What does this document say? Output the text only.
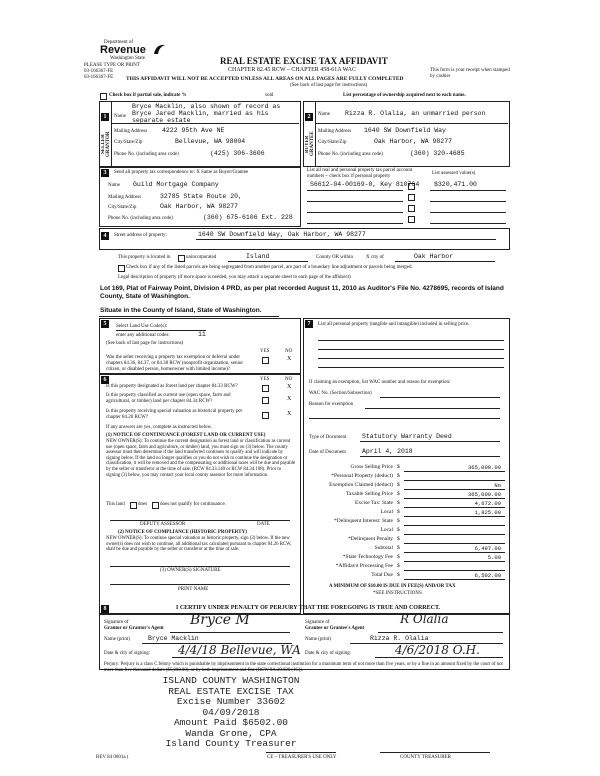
Department of
Revenue
Washington State
PLEASE TYPE OR PRINT
03-166367-FE
03-166367-FE
REAL ESTATE EXCISE TAX AFFIDAVIT
CHAPTER 82.45 RCW – CHAPTER 458-61A WAC
THIS AFFIDAVIT WILL NOT BE ACCEPTED UNLESS ALL AREAS ON ALL PAGES ARE FULLY COMPLETED
(See back of last page for instructions)
This form is your receipt when stamped by cashier
Check box if partial sale, indicate %	sold	List percentage of ownership acquired next to each name.
1
SELLER GRANTOR
Name
Bryce Macklin, also shown of record as Bryce Jared Macklin, married as his separate estate
Mailing Address 4222 95th Ave NE
City/State/Zip	Bellevue, WA 98004
Phone No. (including area code)	(425) 306-3606
2
BUYER GRANTEE
Name Rizza R. Olalia, an unmarried person
Mailing Address 1640 SW Downfield Way
City/State/Zip	Oak Harbor, WA 98277
Phone No. (including area code)	(360) 320-4685
3	Send all property tax correspondence to: X Same as Buyer/Grantee
Name Guild Mortgage Company
Mailing Address	32785 State Route 20,
City/State/Zip	Oak Harbor, WA 98277
Phone No. (including area code)	(360) 675-6106 Ext. 228
List all real and personal property tax parcel account numbers – check box if personal property
List assessed value(s)
S6612-04-00169-0, Key 810764 $320,471.00
4	Street address of property:	1640 SW Downfield Way, Oak Harbor, WA 98277
This property is located in	unincorporated	Island	County OR within	X city of	Oak Harbor
Check box if any of the listed parcels are being segregated from another parcel, are part of a boundary line adjustment or parcels being merged.
Legal description of property (if more space is needed, you may attach a separate sheet to each page of the affidavit)
Lot 169, Plat of Fairway Point, Division 4 PRD, as per plat recorded August 11, 2010 as Auditor's File No. 4278695, records of Island County, State of Washington.
Situate in the County of Island, State of Washington.
5	Select Land Use Code(s):
enter any additional codes:	11
(See back of last page for instructions)
YES	NO
Was the seller receiving a property tax exemption or deferral under chapters 84.36, 84.37, or 84.38 RCW (nonprofit organization, senior citizen, or disabled person, homeowner with limited income)?
X
6	YES	NO
Is this property designated as forest land per chapter 84.33 RCW?	X
Is this property classified as current use (open space, farm and agricultural, or timber) land per chapter 84.34 RCW?	X
Is this property receiving special valuation as historical property per chapter 84.26 RCW?
X
If any answers are yes, complete as instructed below.
(1) NOTICE OF CONTINUANCE (FOREST LAND OR CURRENT USE)
NEW OWNER(S): To continue the current designation as forest land or classification as current use (open space, farm and agriculture, or timber) land, you must sign on (3) below. The county assessor must then determine if the land transferred continues to qualify and will indicate by signing below. If the land no longer qualifies or you do not wish to continue the designation or classification, it will be removed and the compensating or additional taxes will be due and payable by the seller or transferor at the time of sale. (RCW 84.33.140 or RCW 84.34.108). Prior to signing (3) below, you may contact your local county assessor for more information.
This land	does	does not qualify for continuance.
DEPUTY ASSESSOR	DATE
(2) NOTICE OF COMPLIANCE (HISTORIC PROPERTY)
NEW OWNER(S): To continue special valuation as historic property, sign (3) below. If the new owner(s) does not wish to continue, all additional tax calculated pursuant to chapter 84.26 RCW, shall be due and payable by the seller or transferor at the time of sale.
(3) OWNER(S) SIGNATURE
PRINT NAME
7	List all personal property (tangible and intangible) included in selling price.
If claiming an exemption, list WAC number and reason for exemption:
WAC No. (Section/Subsection)
Reason for exemption
Type of Document Statutory Warranty Deed
Date of Document April 4, 2018
Gross Selling Price $	365,000.00
*Personal Property (deduct) $
Exemption Claimed (deduct) $	No
Taxable Selling Price $	365,000.00
Excise Tax: State $	4,672.00
Local $	1,825.00
*Delinquent Interest: State $
Local $
*Delinquent Penalty $
Subtotal $	6,497.00
*State Technology Fee $	5.00
*Affidavit Processing Fee $
Total Due $	6,502.00
A MINIMUM OF $10.00 IS DUE IN FEE(S) AND/OR TAX
*SEE INSTRUCTIONS
8	I CERTIFY UNDER PENALTY OF PERJURY THAT THE FOREGOING IS TRUE AND CORRECT.
Signature of
Grantor or Grantor's Agent
Bryce M
Name (print)	Bryce Macklin
Date & city of signing: 4/4/18 Bellevue, WA
Signature of
Grantee or Grantee's Agent
R Olalia
Name (print)	Rizza R. Olalia
Date & city of signing:	4/6/2018 O.H.
Perjury: Perjury is a class C felony which is punishable by imprisonment in the state correctional institution for a maximum term of not more than five years, or by a fine in an amount fixed by the court of not more than five thousand dollars ($5,000.00), or by both imprisonment and fine (RCW 9A.20.020 (1C)).
ISLAND COUNTY WASHINGTON
REAL ESTATE EXCISE TAX
Excise Number 33602
04/09/2018
Amount Paid $6502.00
Wanda Grone, CPA
Island County Treasurer
REV 84 0001a (	CE – TREASURER'S USE ONLY	COUNTY TREASURER
